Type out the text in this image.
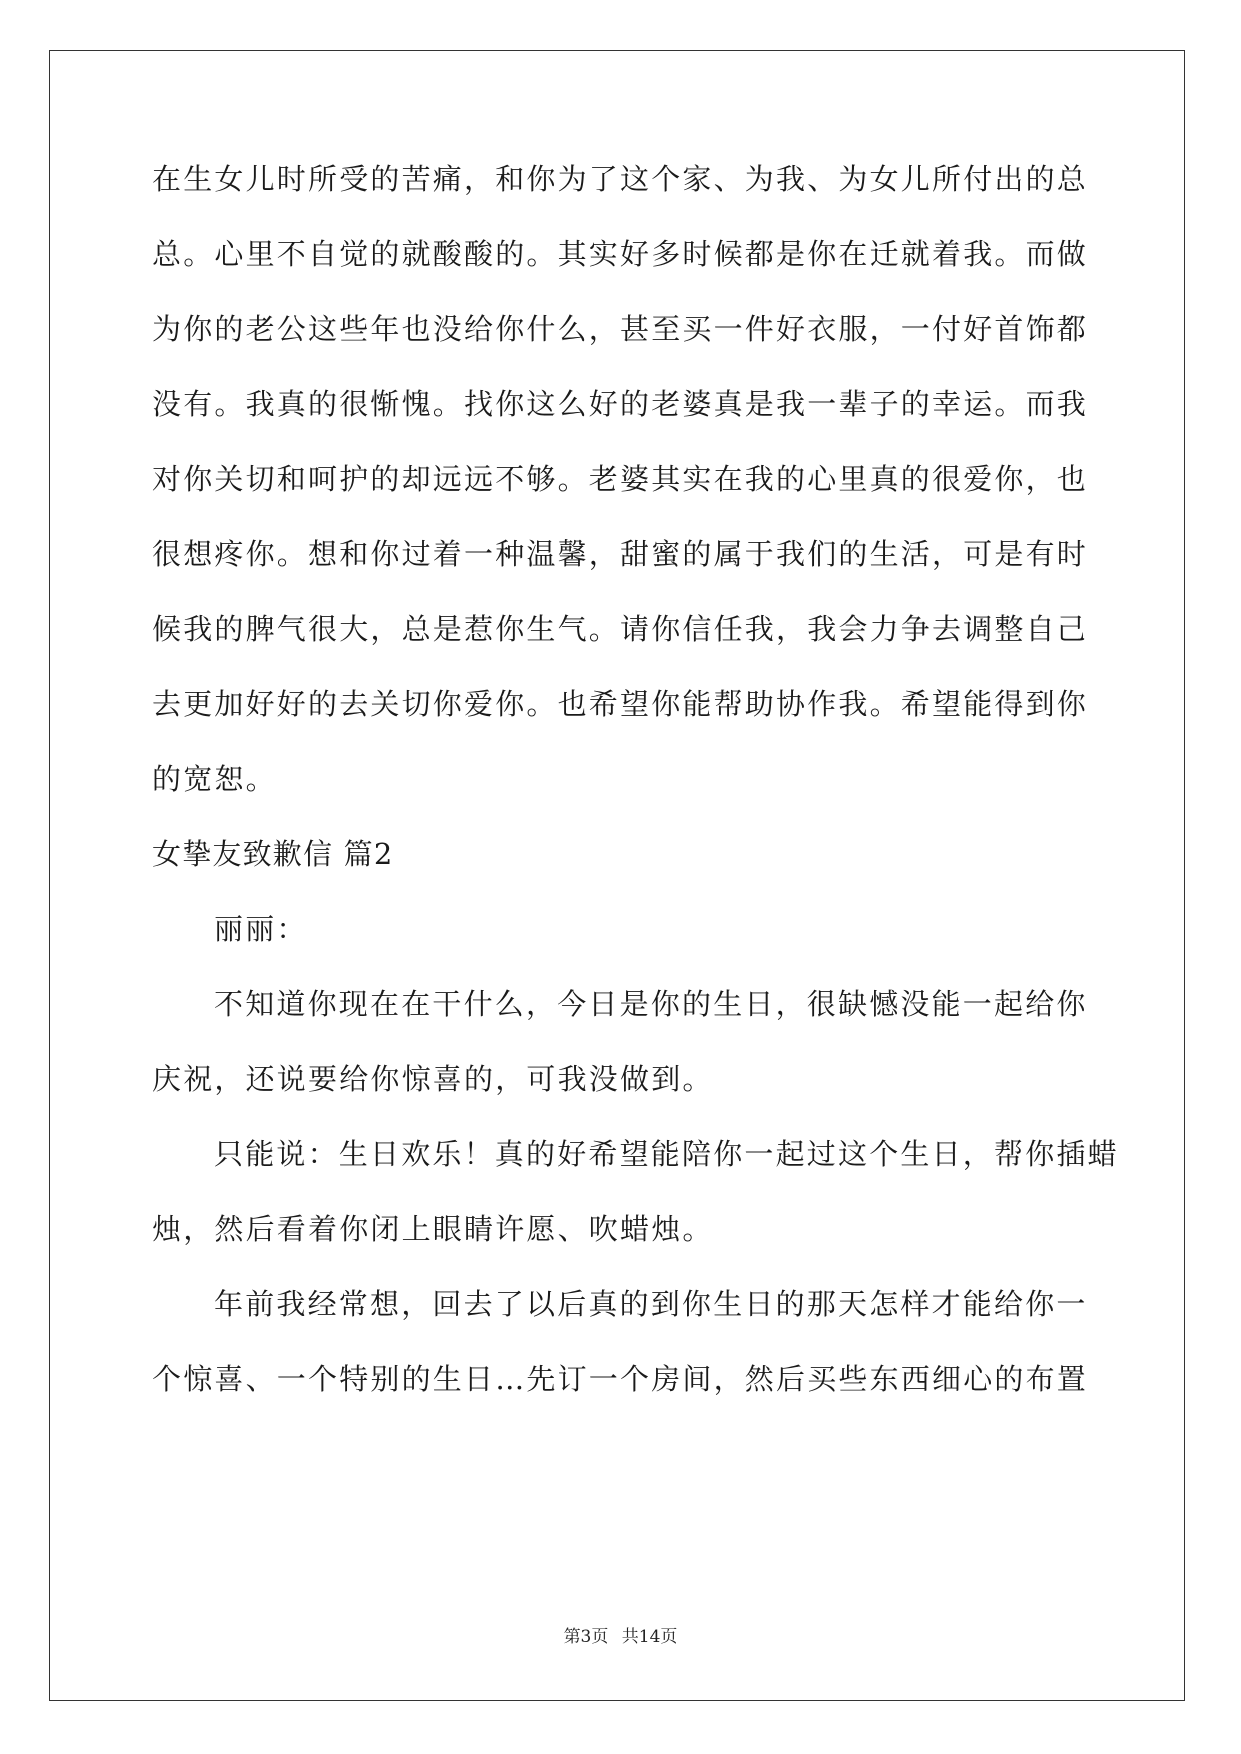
在生女儿时所受的苦痛，和你为了这个家、为我、为女儿所付出的总
总。心里不自觉的就酸酸的。其实好多时候都是你在迁就着我。而做
为你的老公这些年也没给你什么，甚至买一件好衣服，一付好首饰都
没有。我真的很惭愧。找你这么好的老婆真是我一辈子的幸运。而我
对你关切和呵护的却远远不够。老婆其实在我的心里真的很爱你，也
很想疼你。想和你过着一种温馨，甜蜜的属于我们的生活，可是有时
候我的脾气很大，总是惹你生气。请你信任我，我会力争去调整自己
去更加好好的去关切你爱你。也希望你能帮助协作我。希望能得到你
的宽恕。
女挚友致歉信 篇2
丽丽：
不知道你现在在干什么，今日是你的生日，很缺憾没能一起给你
庆祝，还说要给你惊喜的，可我没做到。
只能说：生日欢乐！真的好希望能陪你一起过这个生日，帮你插蜡
烛，然后看着你闭上眼睛许愿、吹蜡烛。
年前我经常想，回去了以后真的到你生日的那天怎样才能给你一
个惊喜、一个特别的生日…先订一个房间，然后买些东西细心的布置
第3页 共14页
